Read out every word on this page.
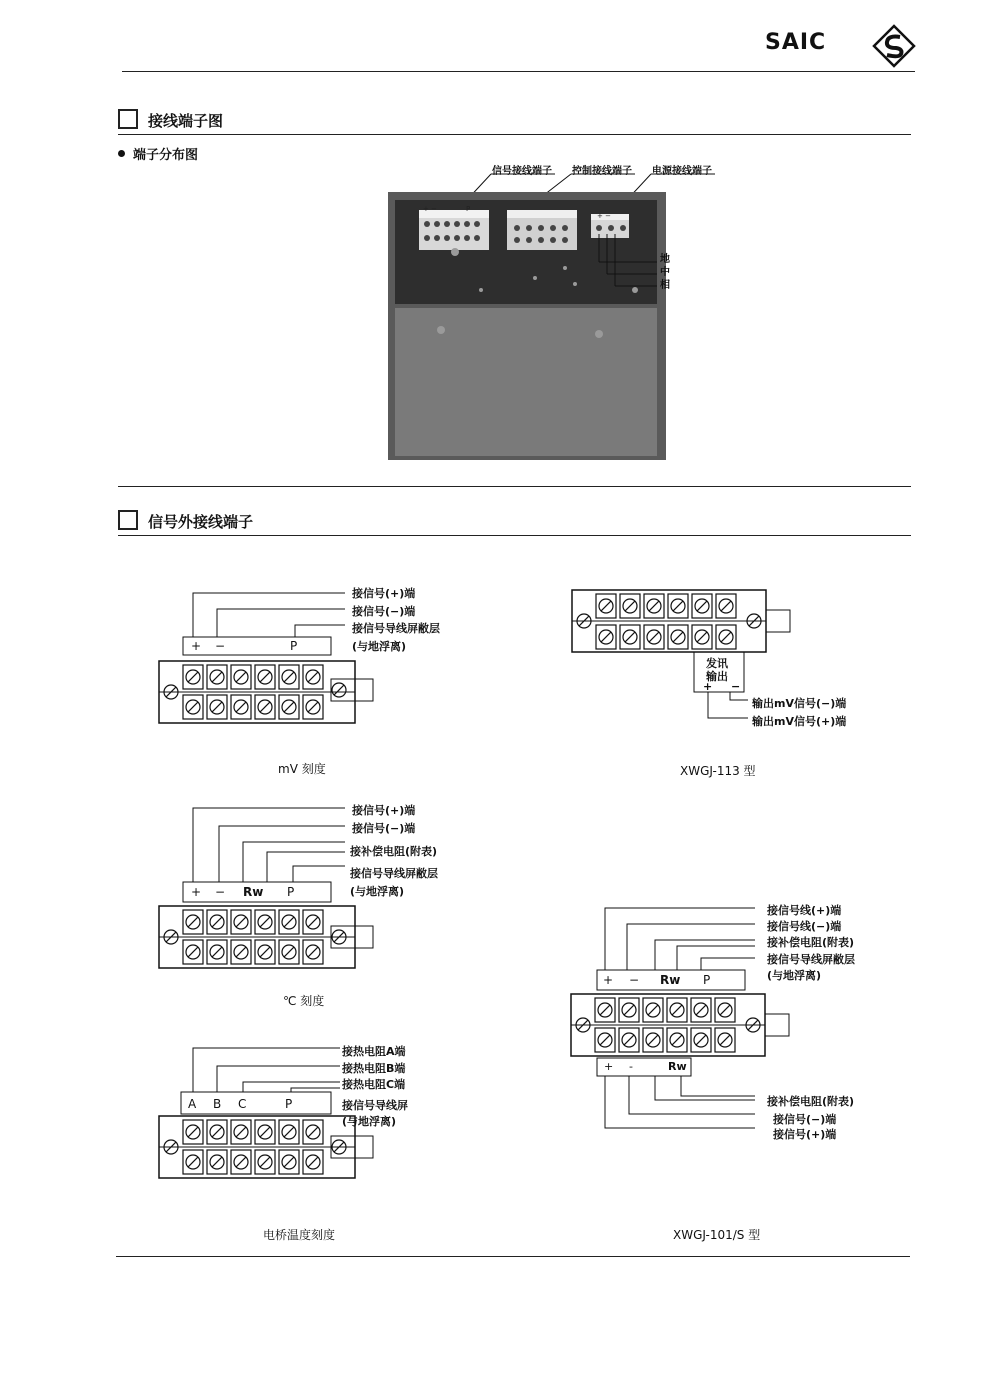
SAIC
接线端子图
端子分布图
信号接线端子 控制接线端子 电源接线端子
+ −	P
+ −
地
中
相
信号外接线端子
+ −	P
接信号(+)端
接信号(−)端
接信号导线屏敝层
(与地浮离)
mV 刻度
发讯
输出
+ −
输出mV信号(−)端
输出mV信号(+)端
XWGJ-113 型
+ − Rw P
接信号(+)端
接信号(−)端
接补偿电阻(附表)
接信号导线屏敝层
(与地浮离)
℃ 刻度
A B C	P
接热电阻A端
接热电阻B端
接热电阻C端
接信号导线屏
(与地浮离)
电桥温度刻度
+ − Rw P
接信号线(+)端
接信号线(−)端
接补偿电阻(附表)
接信号导线屏敝层
(与地浮离)
+ -	Rw
接补偿电阻(附表)
接信号(−)端
接信号(+)端
XWGJ-101/S 型
